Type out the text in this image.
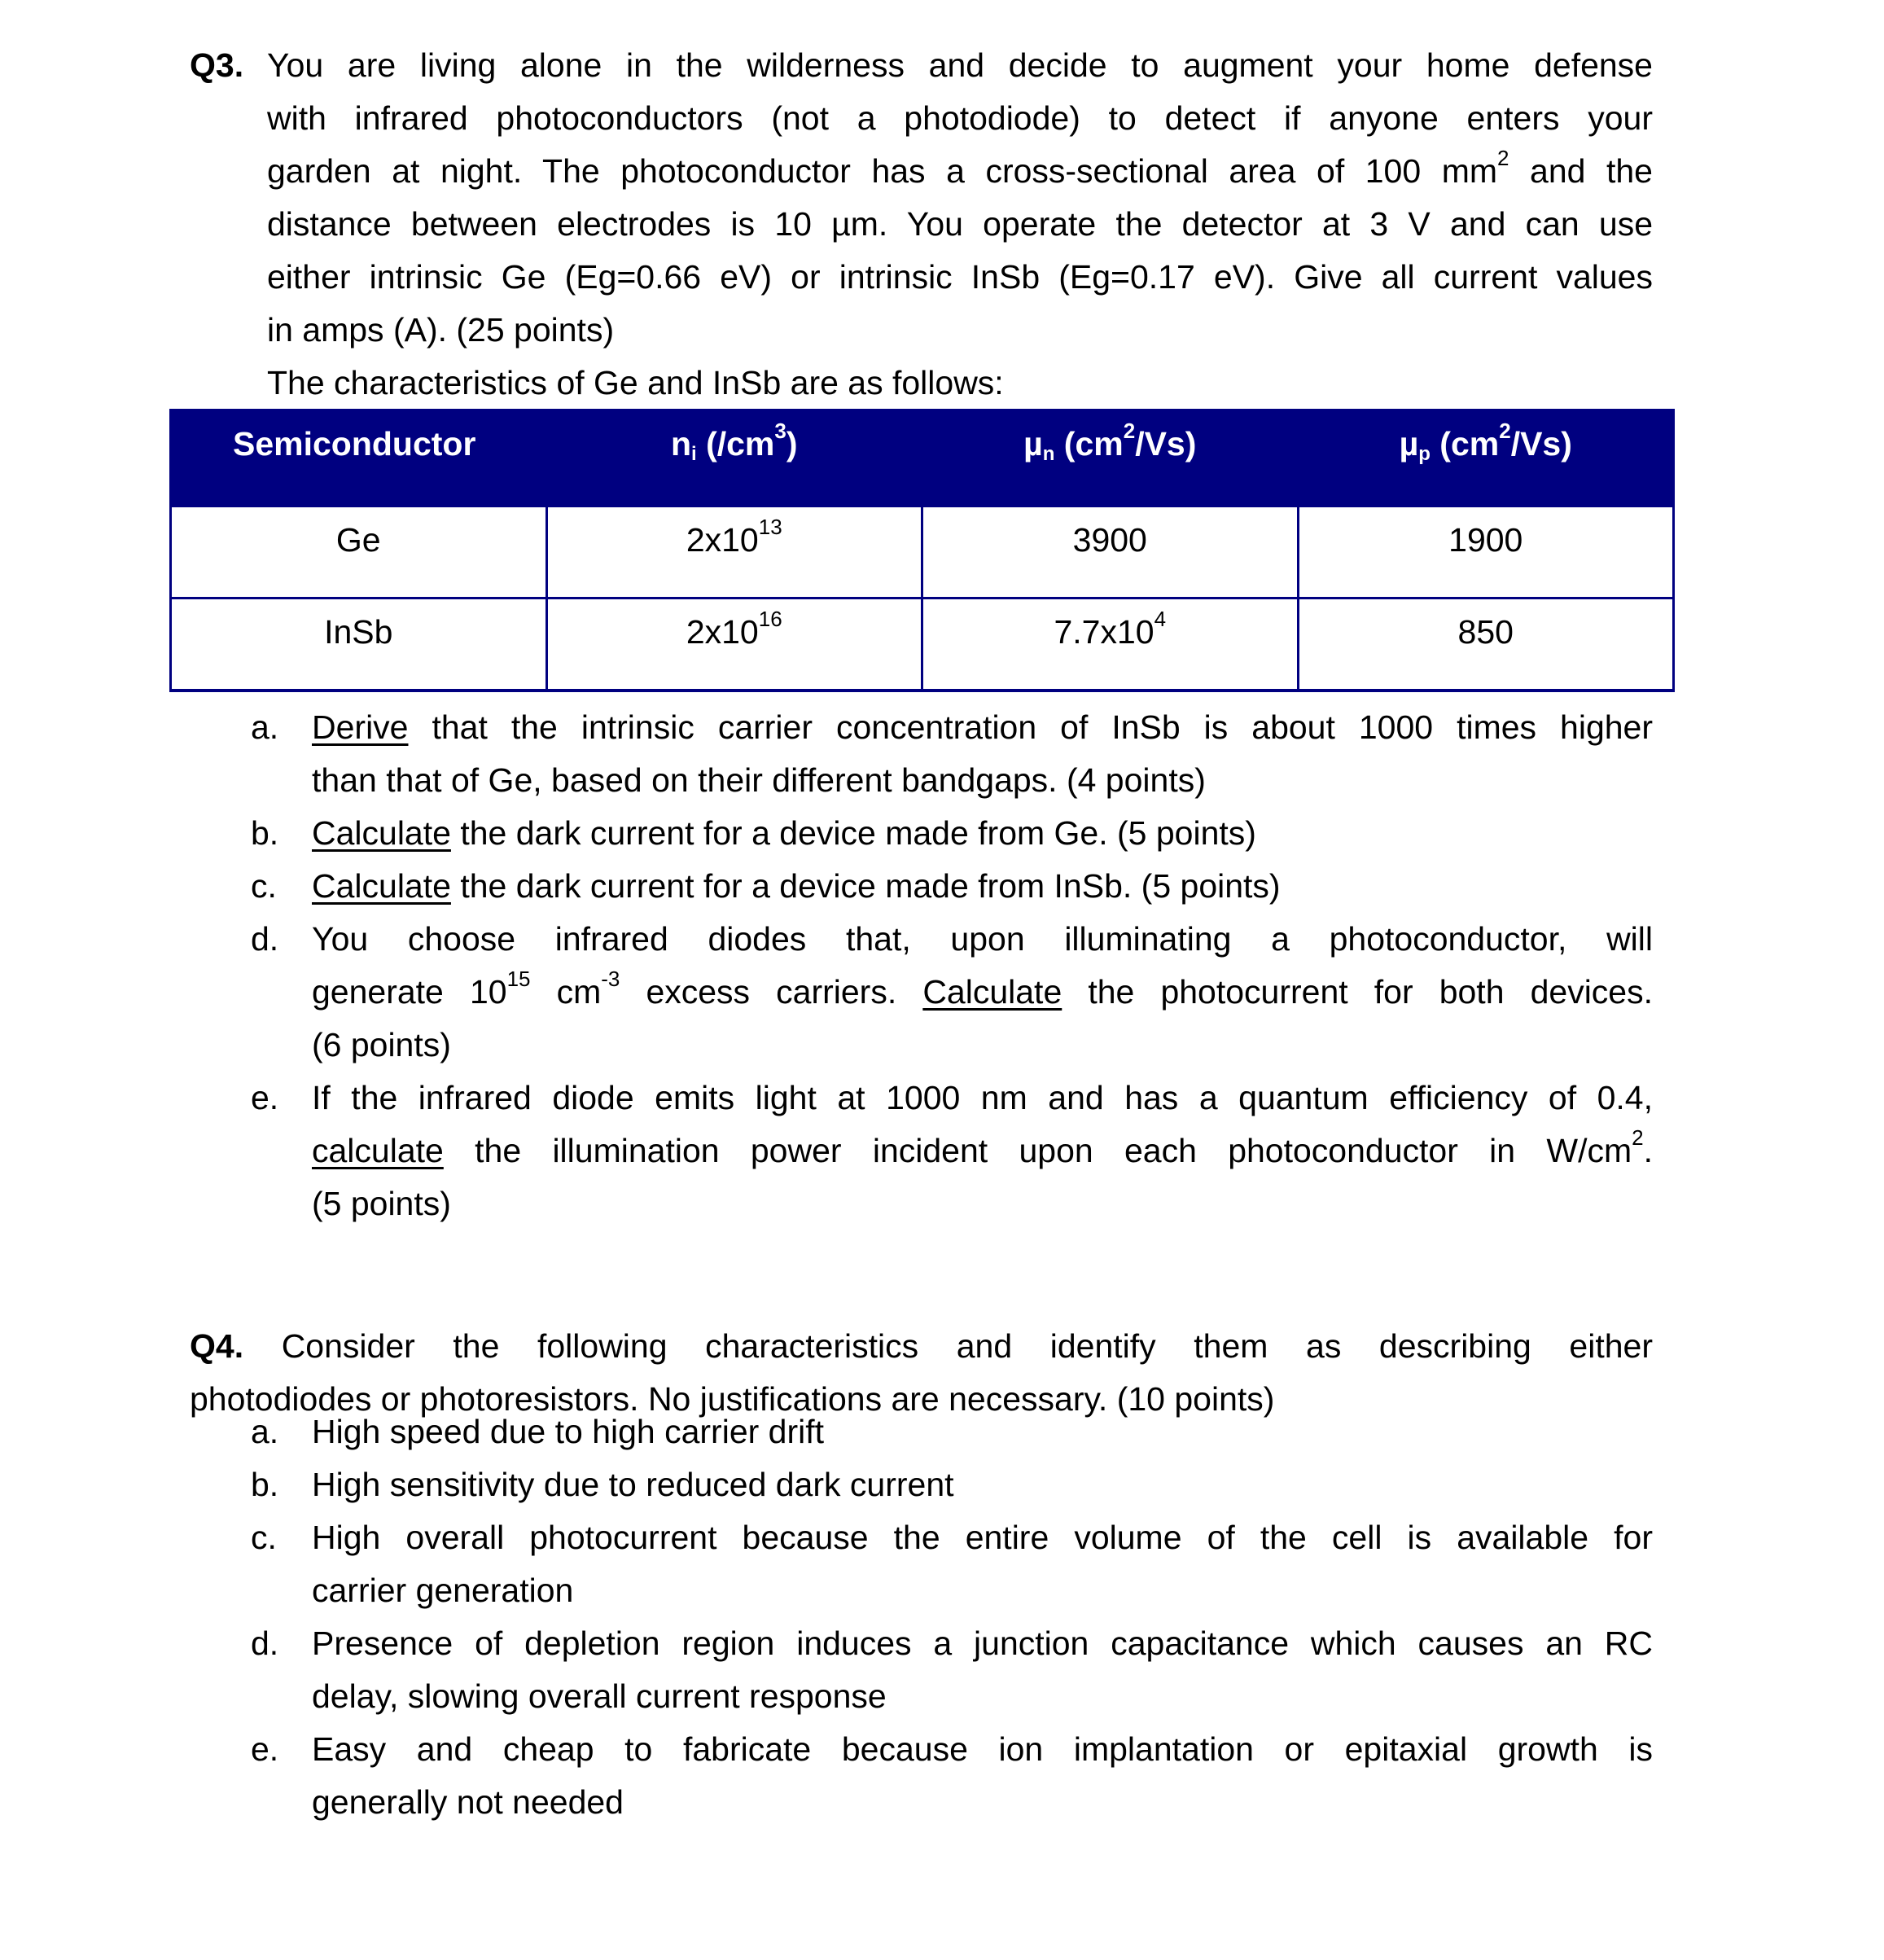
Q3. You are living alone in the wilderness and decide to augment your home defense
with infrared photoconductors (not a photodiode) to detect if anyone enters your
garden at night. The photoconductor has a cross-sectional area of 100 $mm^2$ and the
distance between electrodes is 10 µm. You operate the detector at 3 V and can use
either intrinsic Ge (Eg=0.66 eV) or intrinsic InSb (Eg=0.17 eV). Give all current values
in amps (A). (25 points)
The characteristics of Ge and InSb are as follows:
Semiconductor	$n_i$ $(/cm^3)$	µ$_n$ $(cm^2/Vs)$	µ$_p$ $(cm^2/Vs)$
Ge	$2x10^{13}$	3900	1900
InSb	$2x10^{16}$	$7.7x10^4$	850
a. Derive that the intrinsic carrier concentration of InSb is about 1000 times higher
than that of Ge, based on their different bandgaps. (4 points)
b. Calculate the dark current for a device made from Ge. (5 points)
c.	Calculate the dark current for a device made from InSb. (5 points)
d. You choose infrared diodes that, upon illuminating a photoconductor, will
generate $10^{15}$ $cm^{-3}$ excess carriers. Calculate the photocurrent for both devices.
(6 points)
e. If the infrared diode emits light at 1000 nm and has a quantum efficiency of 0.4,
calculate the illumination power incident upon each photoconductor in $W/cm^2$.
(5 points)
Q4. Consider the following characteristics and identify them as describing either
photodiodes or photoresistors. No justifications are necessary. (10 points)
a. High speed due to high carrier drift
b. High sensitivity due to reduced dark current
c.	High overall photocurrent because the entire volume of the cell is available for
carrier generation
d. Presence of depletion region induces a junction capacitance which causes an RC
delay, slowing overall current response
e. Easy and cheap to fabricate because ion implantation or epitaxial growth is
generally not needed
